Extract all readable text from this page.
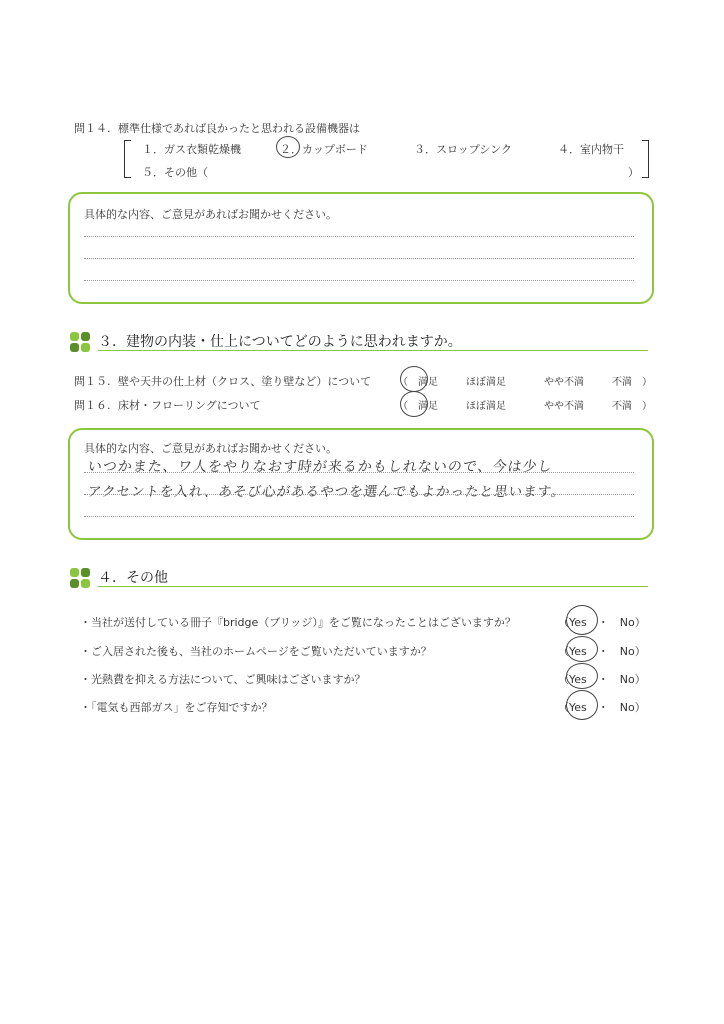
問１４. 標準仕様であれば良かったと思われる設備機器は
１．ガス衣類乾燥機	２．カップボード	３．スロップシンク	４．室内物干
５．その他（	）
具体的な内容、ご意見があればお聞かせください。
３．建物の内装・仕上についてどのように思われますか。
問１５. 壁や天井の仕上材（クロス、塗り壁など）について	（　満足	ほぼ満足	やや不満	不満　）
問１６. 床材・フローリングについて	（　満足	ほぼ満足	やや不満	不満　）
具体的な内容、ご意見があればお聞かせください。
いつかまた、ワ人をやりなおす時が来るかもしれないので、今は少し
アクセントを入れ、あそび心があるやつを選んでもよかったと思います。
４．その他
・当社が送付している冊子『bridge（ブリッジ）』をご覧になったことはございますか？	（Yes　・　No）
・ご入居された後も、当社のホームページをご覧いただいていますか？	（Yes　・　No）
・光熱費を抑える方法について、ご興味はございますか？	（Yes　・　No）
・「電気も西部ガス」をご存知ですか？	（Yes　・　No）
